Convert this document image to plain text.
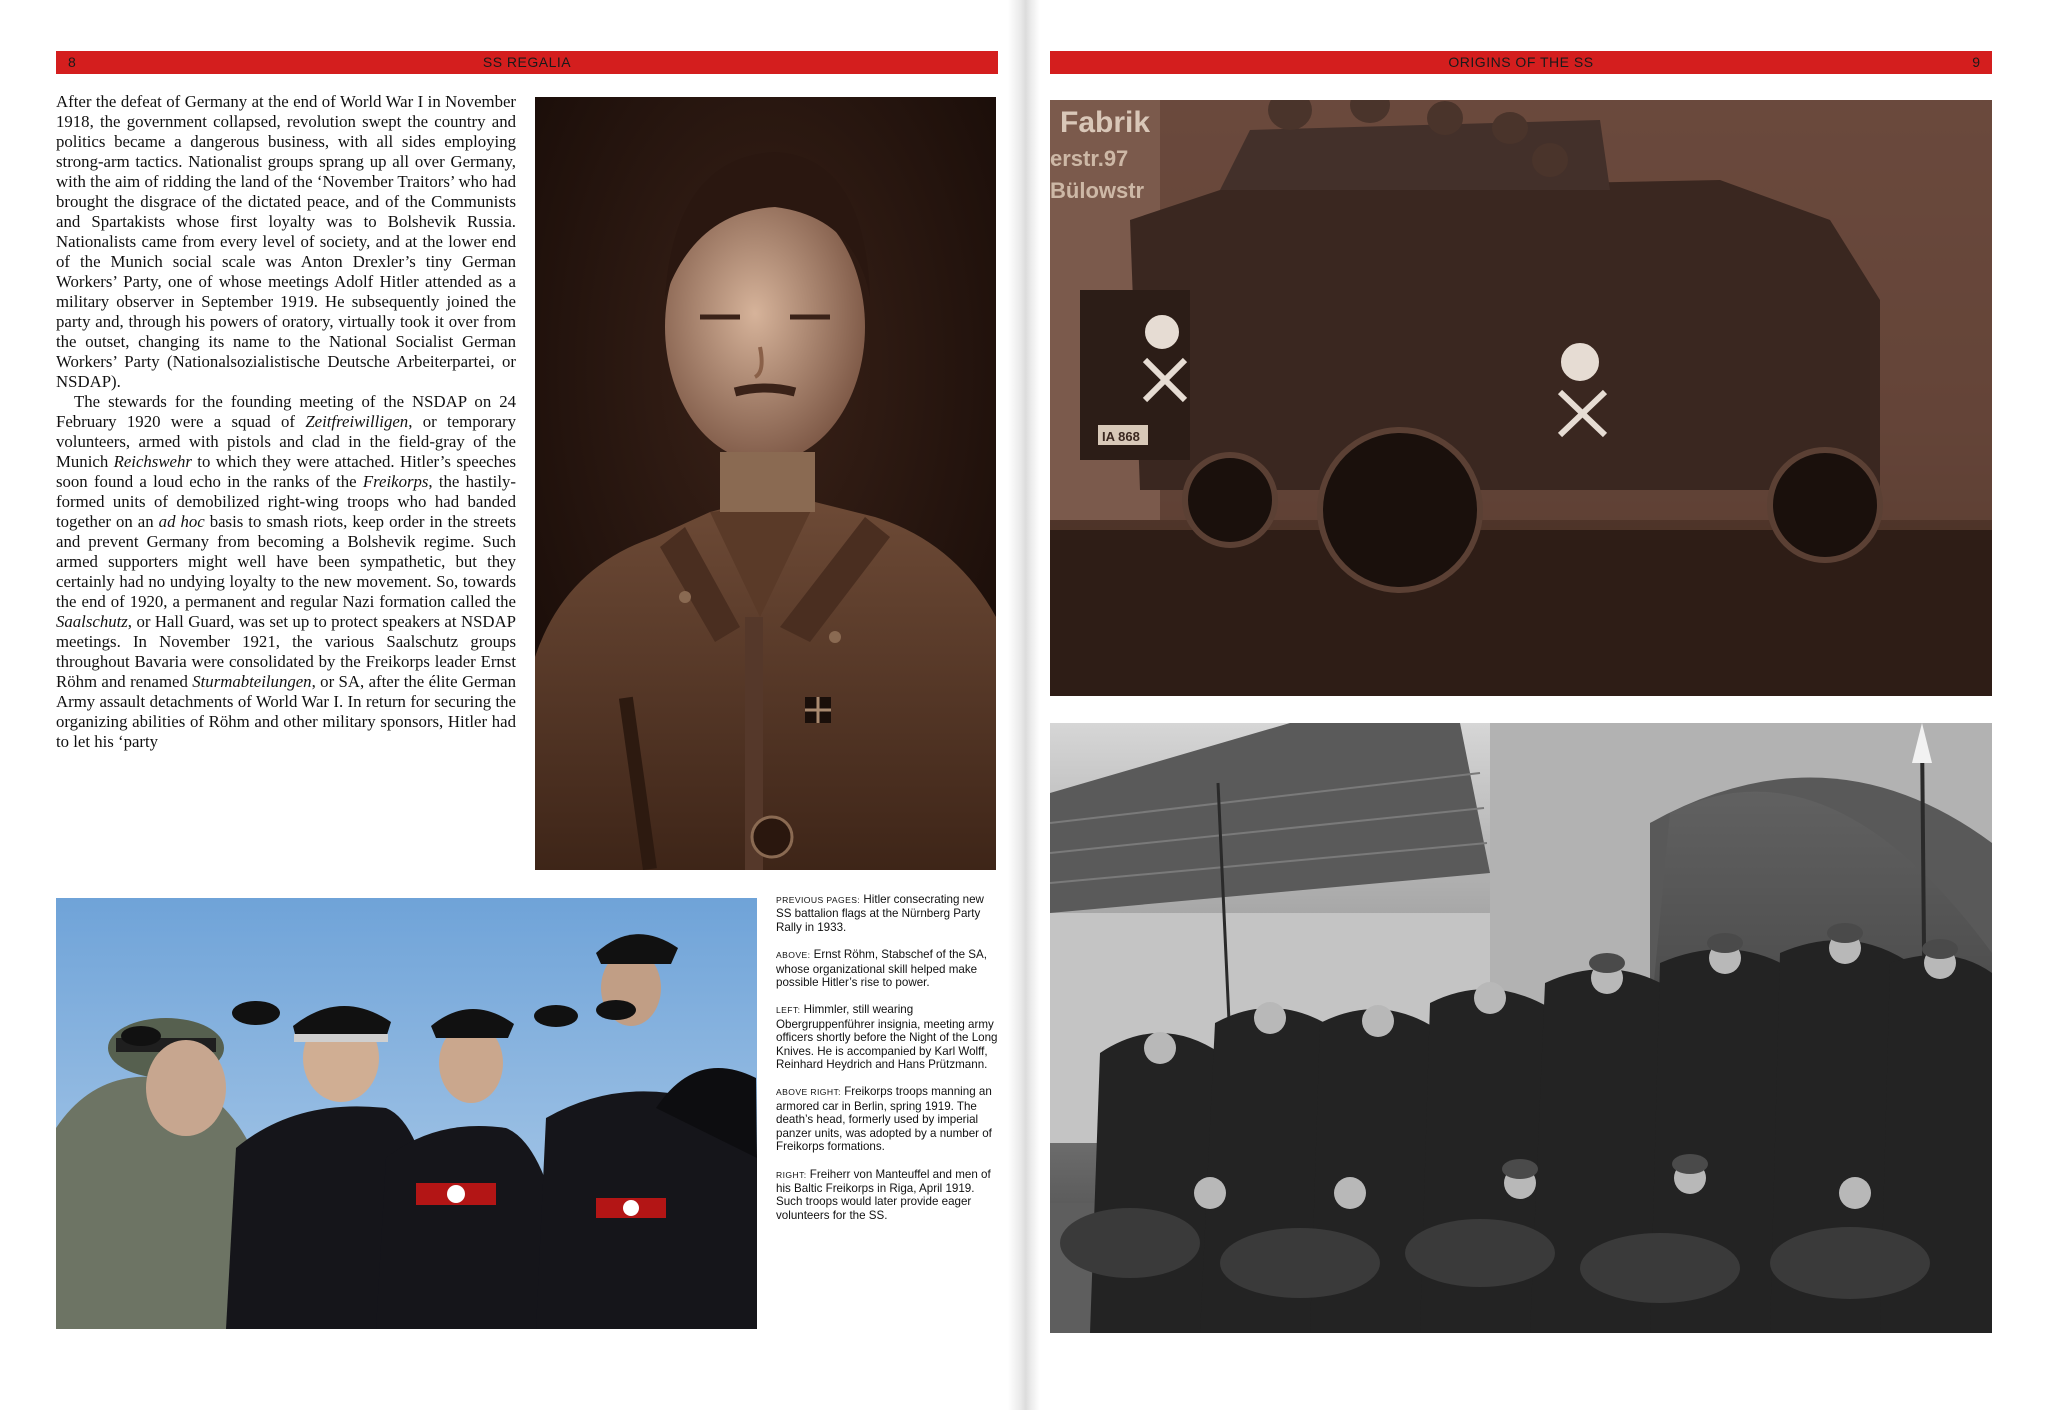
8	SS REGALIA	ORIGINS OF THE SS	9

After the defeat of Germany at the end of World War I in November 1918, the government collapsed, revolution swept the country and politics became a dangerous business, with all sides employing strong-arm tactics. Nationalist groups sprang up all over Germany, with the aim of ridding the land of the ‘November Traitors’ who had brought the disgrace of the dictated peace, and of the Communists and Spartakists whose first loyalty was to Bolshevik Russia. Nationalists came from every level of society, and at the lower end of the Munich social scale was Anton Drexler’s tiny German Workers’ Party, one of whose meetings Adolf Hitler attended as a military observer in September 1919. He subsequently joined the party and, through his powers of oratory, virtually took it over from the outset, changing its name to the National Socialist German Workers’ Party (Nationalsozialistische Deutsche Arbeiterpartei, or NSDAP).

The stewards for the founding meeting of the NSDAP on 24 February 1920 were a squad of Zeitfreiwilligen, or temporary volunteers, armed with pistols and clad in the field-gray of the Munich Reichswehr to which they were attached. Hitler’s speeches soon found a loud echo in the ranks of the Freikorps, the hastily-formed units of demobilized right-wing troops who had banded together on an ad hoc basis to smash riots, keep order in the streets and prevent Germany from becoming a Bolshevik regime. Such armed supporters might well have been sympathetic, but they certainly had no undying loyalty to the new movement. So, towards the end of 1920, a permanent and regular Nazi formation called the Saalschutz, or Hall Guard, was set up to protect speakers at NSDAP meetings. In November 1921, the various Saalschutz groups throughout Bavaria were consolidated by the Freikorps leader Ernst Röhm and renamed Sturmabteilungen, or SA, after the élite German Army assault detachments of World War I. In return for securing the organizing abilities of Röhm and other military sponsors, Hitler had to let his ‘party

PREVIOUS PAGES: Hitler consecrating new SS battalion flags at the Nürnberg Party Rally in 1933.

ABOVE: Ernst Röhm, Stabschef of the SA, whose organizational skill helped make possible Hitler’s rise to power.

LEFT: Himmler, still wearing Obergruppenführer insignia, meeting army officers shortly before the Night of the Long Knives. He is accompanied by Karl Wolff, Reinhard Heydrich and Hans Prützmann.

ABOVE RIGHT: Freikorps troops manning an armored car in Berlin, spring 1919. The death’s head, formerly used by imperial panzer units, was adopted by a number of Freikorps formations.

RIGHT: Freiherr von Manteuffel and men of his Baltic Freikorps in Riga, April 1919. Such troops would later provide eager volunteers for the SS.

Fabrik
erstr.97
Bülowstr
IA 868
